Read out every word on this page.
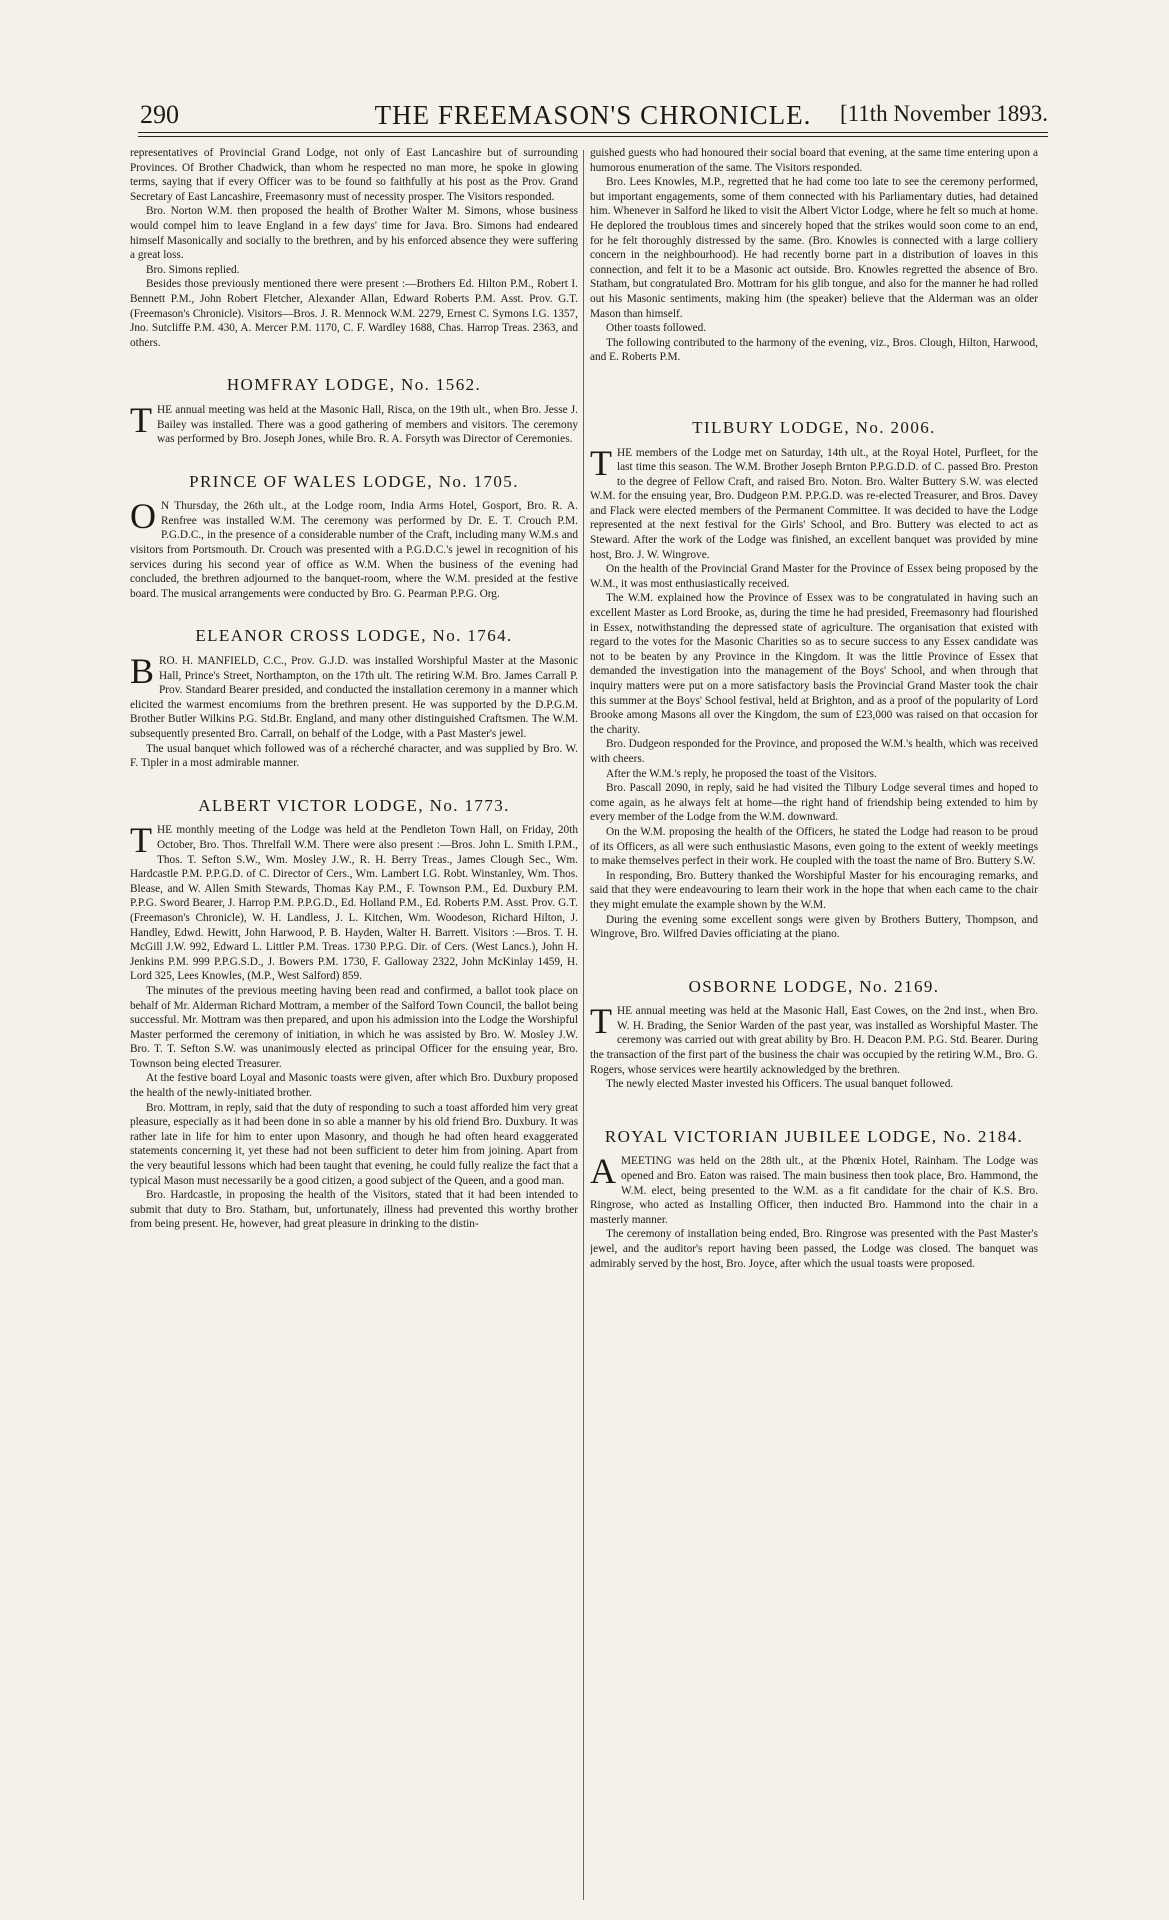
290	THE FREEMASON'S CHRONICLE.	[11th November 1893.

representatives of Provincial Grand Lodge, not only of East Lancashire but of surrounding Provinces. Of Brother Chadwick, than whom he respected no man more, he spoke in glowing terms, saying that if every Officer was to be found so faithfully at his post as the Prov. Grand Secretary of East Lancashire, Freemasonry must of necessity prosper. The Visitors responded.

Bro. Norton W.M. then proposed the health of Brother Walter M. Simons, whose business would compel him to leave England in a few days' time for Java. Bro. Simons had endeared himself Masonically and socially to the brethren, and by his enforced absence they were suffering a great loss.

Bro. Simons replied.

Besides those previously mentioned there were present :—Brothers Ed. Hilton P.M., Robert I. Bennett P.M., John Robert Fletcher, Alexander Allan, Edward Roberts P.M. Asst. Prov. G.T. (Freemason's Chronicle). Visitors—Bros. J. R. Mennock W.M. 2279, Ernest C. Symons I.G. 1357, Jno. Sutcliffe P.M. 430, A. Mercer P.M. 1170, C. F. Wardley 1688, Chas. Harrop Treas. 2363, and others.

HOMFRAY LODGE, No. 1562.

THE annual meeting was held at the Masonic Hall, Risca, on the 19th ult., when Bro. Jesse J. Bailey was installed. There was a good gathering of members and visitors. The ceremony was performed by Bro. Joseph Jones, while Bro. R. A. Forsyth was Director of Ceremonies.

PRINCE OF WALES LODGE, No. 1705.

O N Thursday, the 26th ult., at the Lodge room, India Arms Hotel, Gosport, Bro. R. A. Renfree was installed W.M. The ceremony was performed by Dr. E. T. Crouch P.M. P.G.D.C., in the presence of a considerable number of the Craft, including many W.M.s and visitors from Portsmouth. Dr. Crouch was presented with a P.G.D.C.'s jewel in recognition of his services during his second year of office as W.M. When the business of the evening had concluded, the brethren adjourned to the banquet-room, where the W.M. presided at the festive board. The musical arrangements were conducted by Bro. G. Pearman P.P.G. Org.

ELEANOR CROSS LODGE, No. 1764.

BRO. H. MANFIELD, C.C., Prov. G.J.D. was installed Worshipful Master at the Masonic Hall, Prince's Street, Northampton, on the 17th ult. The retiring W.M. Bro. James Carrall P. Prov. Standard Bearer presided, and conducted the installation ceremony in a manner which elicited the warmest encomiums from the brethren present. He was supported by the D.P.G.M. Brother Butler Wilkins P.G. Std.Br. England, and many other distinguished Craftsmen. The W.M. subsequently presented Bro. Carrall, on behalf of the Lodge, with a Past Master's jewel.

The usual banquet which followed was of a récherché character, and was supplied by Bro. W. F. Tipler in a most admirable manner.

ALBERT VICTOR LODGE, No. 1773.

THE monthly meeting of the Lodge was held at the Pendleton Town Hall, on Friday, 20th October, Bro. Thos. Threlfall W.M. There were also present :—Bros. John L. Smith I.P.M., Thos. T. Sefton S.W., Wm. Mosley J.W., R. H. Berry Treas., James Clough Sec., Wm. Hardcastle P.M. P.P.G.D. of C. Director of Cers., Wm. Lambert I.G. Robt. Winstanley, Wm. Thos. Blease, and W. Allen Smith Stewards, Thomas Kay P.M., F. Townson P.M., Ed. Duxbury P.M. P.P.G. Sword Bearer, J. Harrop P.M. P.P.G.D., Ed. Holland P.M., Ed. Roberts P.M. Asst. Prov. G.T. (Freemason's Chronicle), W. H. Landless, J. L. Kitchen, Wm. Woodeson, Richard Hilton, J. Handley, Edwd. Hewitt, John Harwood, P. B. Hayden, Walter H. Barrett. Visitors :—Bros. T. H. McGill J.W. 992, Edward L. Littler P.M. Treas. 1730 P.P.G. Dir. of Cers. (West Lancs.), John H. Jenkins P.M. 999 P.P.G.S.D., J. Bowers P.M. 1730, F. Galloway 2322, John McKinlay 1459, H. Lord 325, Lees Knowles, (M.P., West Salford) 859.

The minutes of the previous meeting having been read and confirmed, a ballot took place on behalf of Mr. Alderman Richard Mottram, a member of the Salford Town Council, the ballot being successful. Mr. Mottram was then prepared, and upon his admission into the Lodge the Worshipful Master performed the ceremony of initiation, in which he was assisted by Bro. W. Mosley J.W. Bro. T. T. Sefton S.W. was unanimously elected as principal Officer for the ensuing year, Bro. Townson being elected Treasurer.

At the festive board Loyal and Masonic toasts were given, after which Bro. Duxbury proposed the health of the newly-initiated brother.

Bro. Mottram, in reply, said that the duty of responding to such a toast afforded him very great pleasure, especially as it had been done in so able a manner by his old friend Bro. Duxbury. It was rather late in life for him to enter upon Masonry, and though he had often heard exaggerated statements concerning it, yet these had not been sufficient to deter him from joining. Apart from the very beautiful lessons which had been taught that evening, he could fully realize the fact that a typical Mason must necessarily be a good citizen, a good subject of the Queen, and a good man.

Bro. Hardcastle, in proposing the health of the Visitors, stated that it had been intended to submit that duty to Bro. Statham, but, unfortunately, illness had prevented this worthy brother from being present. He, however, had great pleasure in drinking to the distin-

guished guests who had honoured their social board that evening, at the same time entering upon a humorous enumeration of the same. The Visitors responded.

Bro. Lees Knowles, M.P., regretted that he had come too late to see the ceremony performed, but important engagements, some of them connected with his Parliamentary duties, had detained him. Whenever in Salford he liked to visit the Albert Victor Lodge, where he felt so much at home. He deplored the troublous times and sincerely hoped that the strikes would soon come to an end, for he felt thoroughly distressed by the same. (Bro. Knowles is connected with a large colliery concern in the neighbourhood). He had recently borne part in a distribution of loaves in this connection, and felt it to be a Masonic act outside. Bro. Knowles regretted the absence of Bro. Statham, but congratulated Bro. Mottram for his glib tongue, and also for the manner he had rolled out his Masonic sentiments, making him (the speaker) believe that the Alderman was an older Mason than himself.

Other toasts followed.

The following contributed to the harmony of the evening, viz., Bros. Clough, Hilton, Harwood, and E. Roberts P.M.

TILBURY LODGE, No. 2006.

THE members of the Lodge met on Saturday, 14th ult., at the Royal Hotel, Purfleet, for the last time this season. The W.M. Brother Joseph Brnton P.P.G.D.D. of C. passed Bro. Preston to the degree of Fellow Craft, and raised Bro. Noton. Bro. Walter Buttery S.W. was elected W.M. for the ensuing year, Bro. Dudgeon P.M. P.P.G.D. was re-elected Treasurer, and Bros. Davey and Flack were elected members of the Permanent Committee. It was decided to have the Lodge represented at the next festival for the Girls' School, and Bro. Buttery was elected to act as Steward. After the work of the Lodge was finished, an excellent banquet was provided by mine host, Bro. J. W. Wingrove.

On the health of the Provincial Grand Master for the Province of Essex being proposed by the W.M., it was most enthusiastically received.

The W.M. explained how the Province of Essex was to be congratulated in having such an excellent Master as Lord Brooke, as, during the time he had presided, Freemasonry had flourished in Essex, notwithstanding the depressed state of agriculture. The organisation that existed with regard to the votes for the Masonic Charities so as to secure success to any Essex candidate was not to be beaten by any Province in the Kingdom. It was the little Province of Essex that demanded the investigation into the management of the Boys' School, and when through that inquiry matters were put on a more satisfactory basis the Provincial Grand Master took the chair this summer at the Boys' School festival, held at Brighton, and as a proof of the popularity of Lord Brooke among Masons all over the Kingdom, the sum of £23,000 was raised on that occasion for the charity.

Bro. Dudgeon responded for the Province, and proposed the W.M.'s health, which was received with cheers.

After the W.M.'s reply, he proposed the toast of the Visitors.

Bro. Pascall 2090, in reply, said he had visited the Tilbury Lodge several times and hoped to come again, as he always felt at home—the right hand of friendship being extended to him by every member of the Lodge from the W.M. downward.

On the W.M. proposing the health of the Officers, he stated the Lodge had reason to be proud of its Officers, as all were such enthusiastic Masons, even going to the extent of weekly meetings to make themselves perfect in their work. He coupled with the toast the name of Bro. Buttery S.W.

In responding, Bro. Buttery thanked the Worshipful Master for his encouraging remarks, and said that they were endeavouring to learn their work in the hope that when each came to the chair they might emulate the example shown by the W.M.

During the evening some excellent songs were given by Brothers Buttery, Thompson, and Wingrove, Bro. Wilfred Davies officiating at the piano.

OSBORNE LODGE, No. 2169.

THE annual meeting was held at the Masonic Hall, East Cowes, on the 2nd inst., when Bro. W. H. Brading, the Senior Warden of the past year, was installed as Worshipful Master. The ceremony was carried out with great ability by Bro. H. Deacon P.M. P.G. Std. Bearer. During the transaction of the first part of the business the chair was occupied by the retiring W.M., Bro. G. Rogers, whose services were heartily acknowledged by the brethren.

The newly elected Master invested his Officers. The usual banquet followed.

ROYAL VICTORIAN JUBILEE LODGE, No. 2184.

A MEETING was held on the 28th ult., at the Phœnix Hotel, Rainham. The Lodge was opened and Bro. Eaton was raised. The main business then took place, Bro. Hammond, the W.M. elect, being presented to the W.M. as a fit candidate for the chair of K.S. Bro. Ringrose, who acted as Installing Officer, then inducted Bro. Hammond into the chair in a masterly manner.

The ceremony of installation being ended, Bro. Ringrose was presented with the Past Master's jewel, and the auditor's report having been passed, the Lodge was closed. The banquet was admirably served by the host, Bro. Joyce, after which the usual toasts were proposed.
